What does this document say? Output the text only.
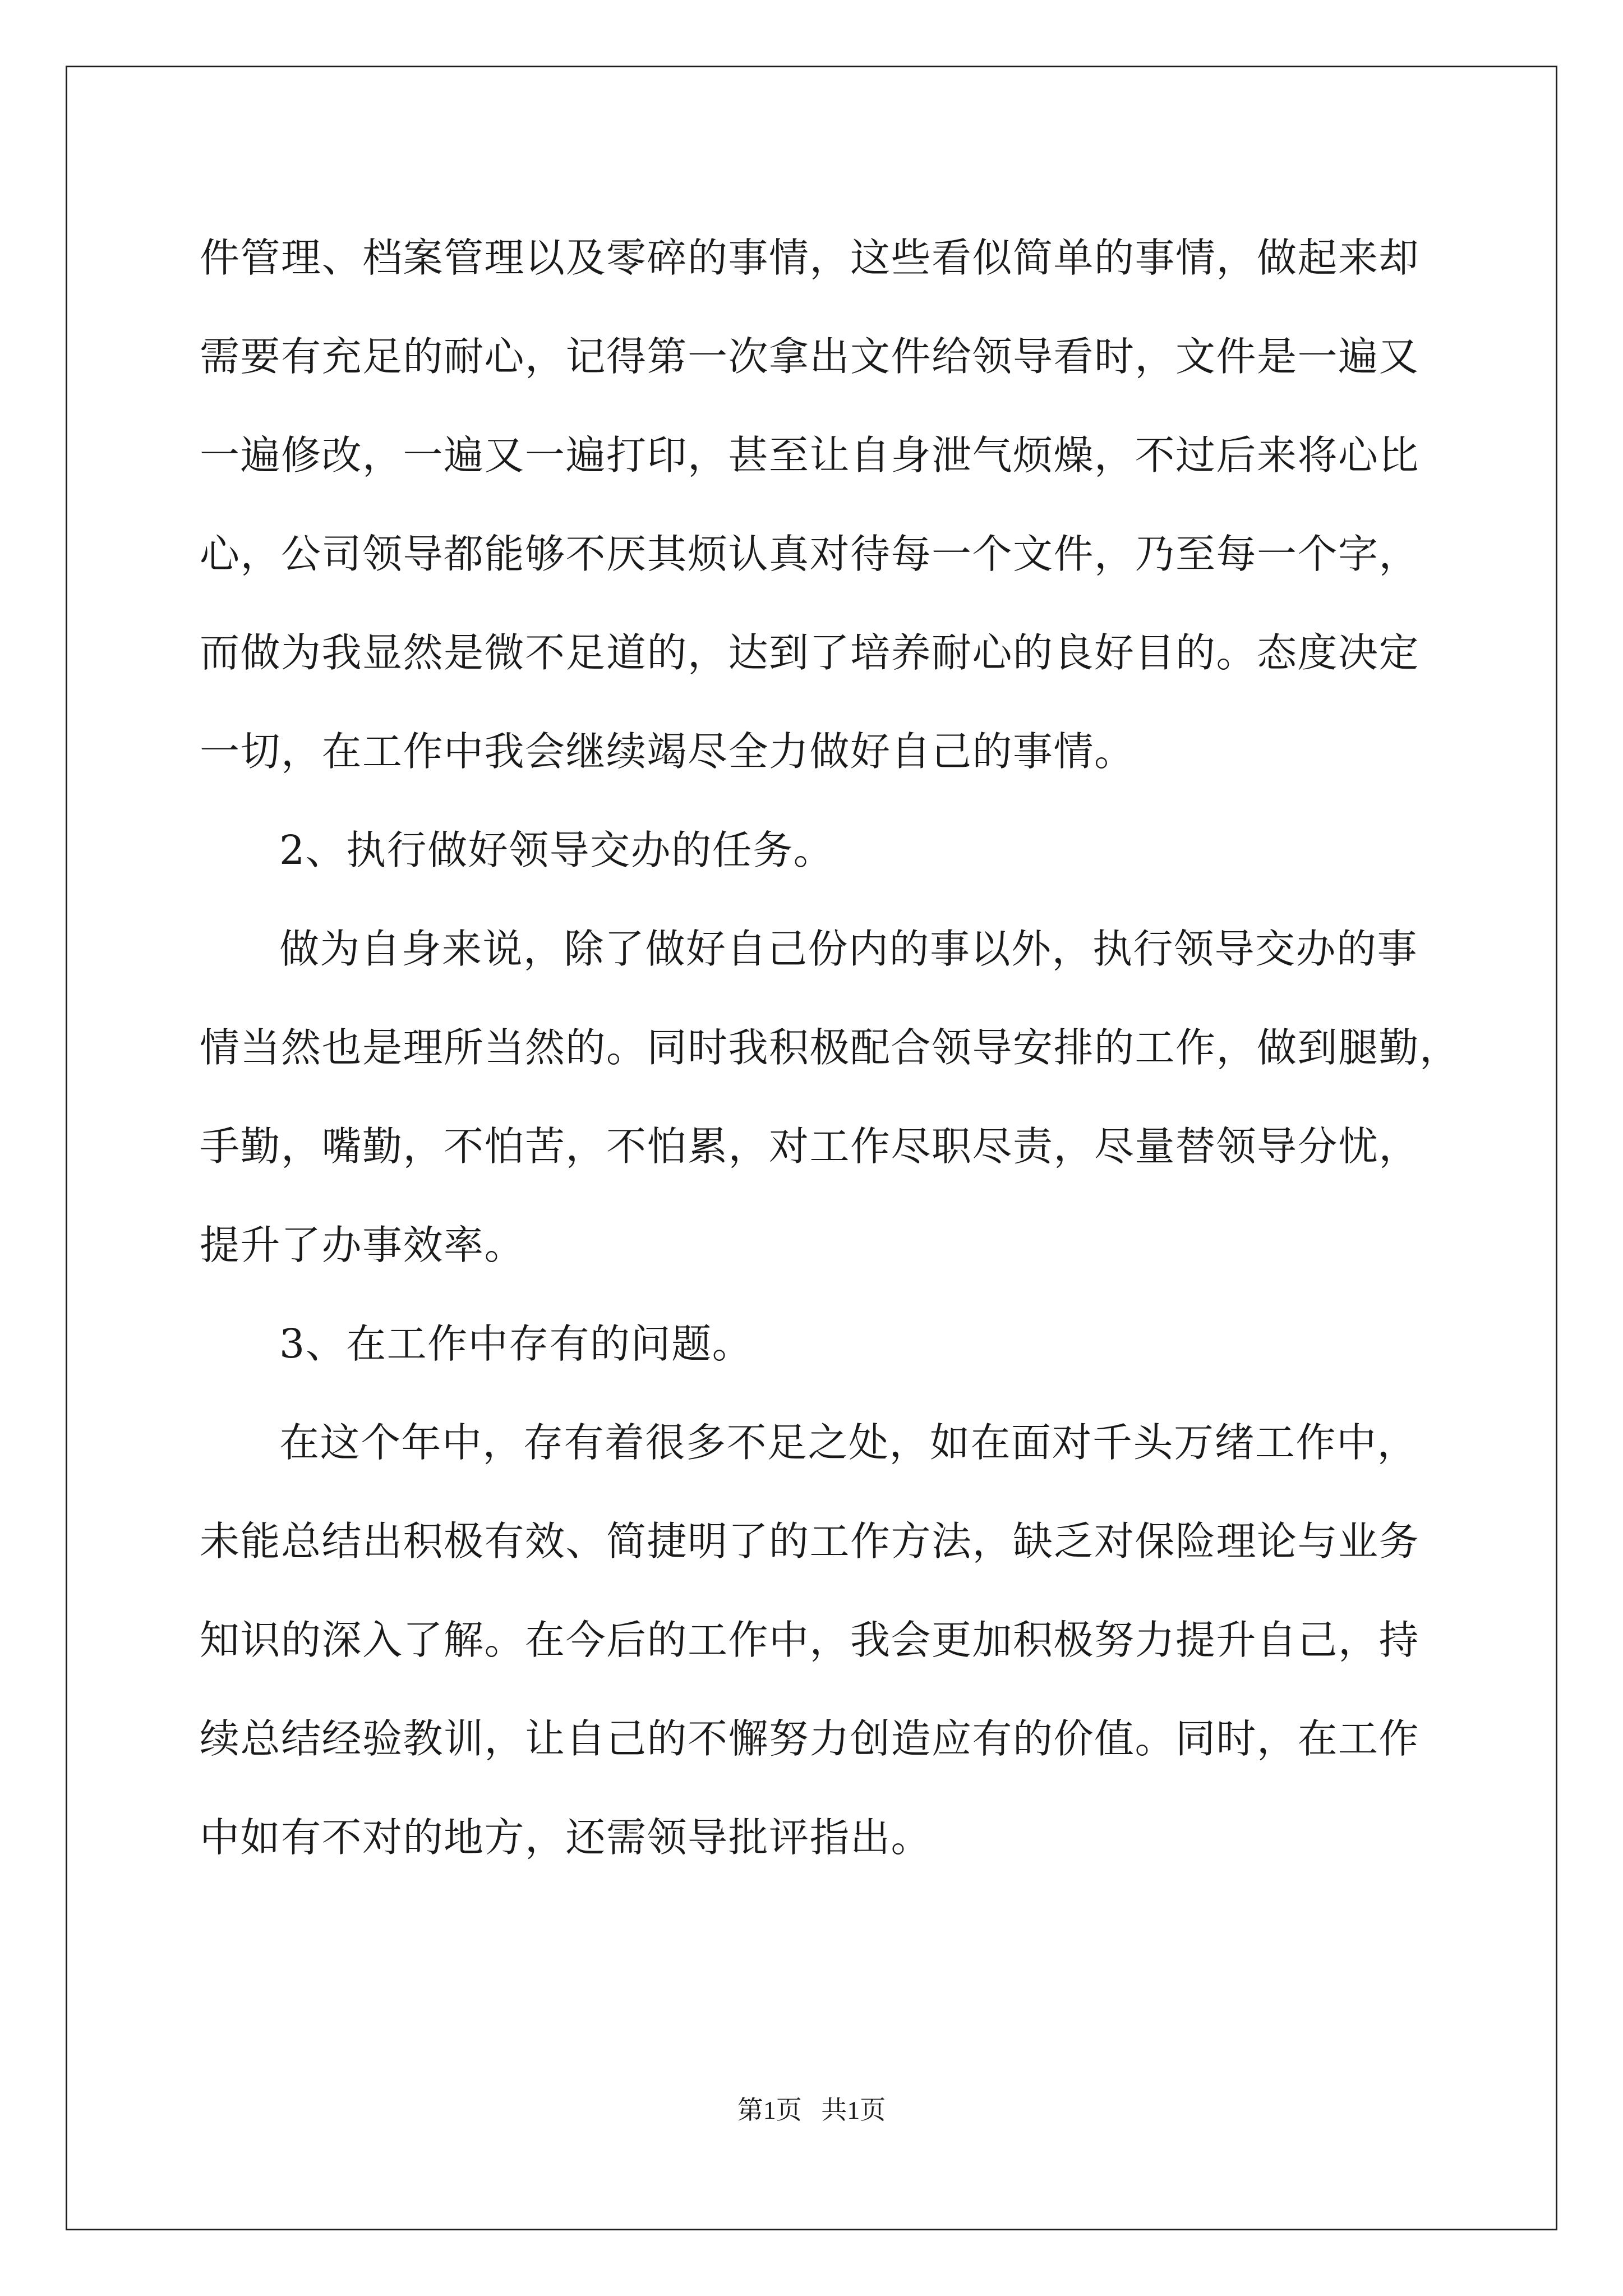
件管理、档案管理以及零碎的事情，这些看似简单的事情，做起来却
需要有充足的耐心，记得第一次拿出文件给领导看时，文件是一遍又
一遍修改，一遍又一遍打印，甚至让自身泄气烦燥，不过后来将心比
心，公司领导都能够不厌其烦认真对待每一个文件，乃至每一个字，
而做为我显然是微不足道的，达到了培养耐心的良好目的。态度决定
一切，在工作中我会继续竭尽全力做好自己的事情。
2、执行做好领导交办的任务。
做为自身来说，除了做好自己份内的事以外，执行领导交办的事
情当然也是理所当然的。同时我积极配合领导安排的工作，做到腿勤，
手勤，嘴勤，不怕苦，不怕累，对工作尽职尽责，尽量替领导分忧，
提升了办事效率。
3、在工作中存有的问题。
在这个年中，存有着很多不足之处，如在面对千头万绪工作中，
未能总结出积极有效、简捷明了的工作方法，缺乏对保险理论与业务
知识的深入了解。在今后的工作中，我会更加积极努力提升自己，持
续总结经验教训，让自己的不懈努力创造应有的价值。同时，在工作
中如有不对的地方，还需领导批评指出。
第1页   共1页
